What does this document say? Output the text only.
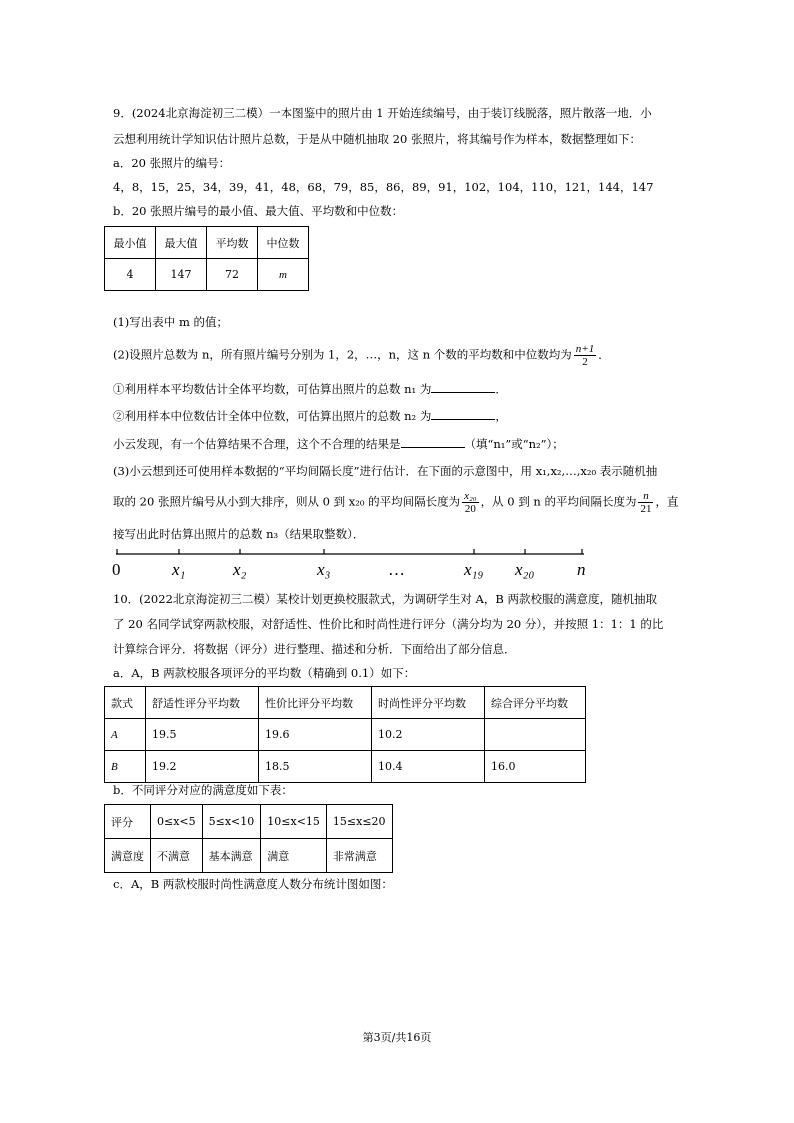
9．(2024北京海淀初三二模）一本图鉴中的照片由 1 开始连续编号，由于装订线脱落，照片散落一地．小
云想利用统计学知识估计照片总数，于是从中随机抽取 20 张照片，将其编号作为样本，数据整理如下：
a．20 张照片的编号：
4，8，15，25，34，39，41，48，68，79，85，86，89，91，102，104，110，121，144，147
b．20 张照片编号的最小值、最大值、平均数和中位数：
最小值	最大值	平均数	中位数
4	147	72	m
(1)写出表中 m 的值；
(2)设照片总数为 n，所有照片编号分别为 1，2，…，n，这 n 个数的平均数和中位数均为 $\frac{n+1}{2}$ ．
①利用样本平均数估计全体平均数，可估算出照片的总数 n₁ 为	．
②利用样本中位数估计全体中位数，可估算出照片的总数 n₂ 为	，
小云发现，有一个估算结果不合理，这个不合理的结果是	（填“n₁”或“n₂”）；
(3)小云想到还可使用样本数据的“平均间隔长度”进行估计．在下面的示意图中，用 x₁,x₂,…,x₂₀ 表示随机抽
取的 20 张照片编号从小到大排序，则从 0 到 x₂₀ 的平均间隔长度为 $\frac{\text{x₂₀}}{20}$ ，从 0 到 n 的平均间隔长度为 $\frac{n}{21}$ ，直
接写出此时估算出照片的总数 n₃（结果取整数）．
0	x₁	x₂	x₃	…	x₁₉ x₂₀	n
10．(2022北京海淀初三二模）某校计划更换校服款式，为调研学生对 A，B 两款校服的满意度，随机抽取
了 20 名同学试穿两款校服，对舒适性、性价比和时尚性进行评分（满分均为 20 分），并按照 1：1：1 的比
计算综合评分．将数据（评分）进行整理、描述和分析．下面给出了部分信息．
a．A，B 两款校服各项评分的平均数（精确到 0.1）如下：
款式	舒适性评分平均数	性价比评分平均数	时尚性评分平均数	综合评分平均数
A	19.5	19.6	10.2	
B	19.2	18.5	10.4	16.0
b．不同评分对应的满意度如下表：
评分	0≤x<5	5≤x<10	10≤x<15	15≤x≤20
满意度	不满意	基本满意	满意	非常满意
c．A，B 两款校服时尚性满意度人数分布统计图如图：
第3页/共16页
